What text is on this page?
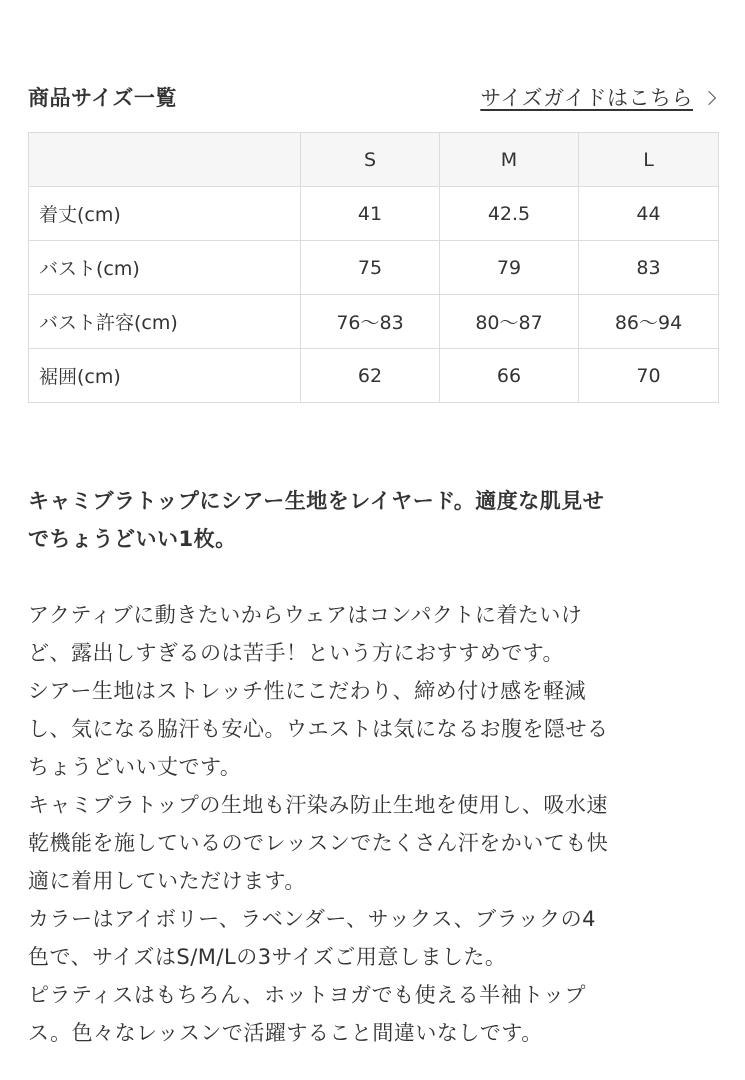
商品サイズ一覧	サイズガイドはこちら
	S	M	L
着丈(cm)	41	42.5	44
バスト(cm)	75	79	83
バスト許容(cm)	76〜83	80〜87	86〜94
裾囲(cm)	62	66	70
キャミブラトップにシアー生地をレイヤード。適度な肌見せ
でちょうどいい1枚。

アクティブに動きたいからウェアはコンパクトに着たいけ

ど、露出しすぎるのは苦手！という方におすすめです。

シアー生地はストレッチ性にこだわり、締め付け感を軽減

し、気になる脇汗も安心。ウエストは気になるお腹を隠せる

ちょうどいい丈です。

キャミブラトップの生地も汗染み防止生地を使用し、吸水速

乾機能を施しているのでレッスンでたくさん汗をかいても快

適に着用していただけます。

カラーはアイボリー、ラベンダー、サックス、ブラックの4

色で、サイズはS/M/Lの3サイズご用意しました。

ピラティスはもちろん、ホットヨガでも使える半袖トップ

ス。色々なレッスンで活躍すること間違いなしです。
